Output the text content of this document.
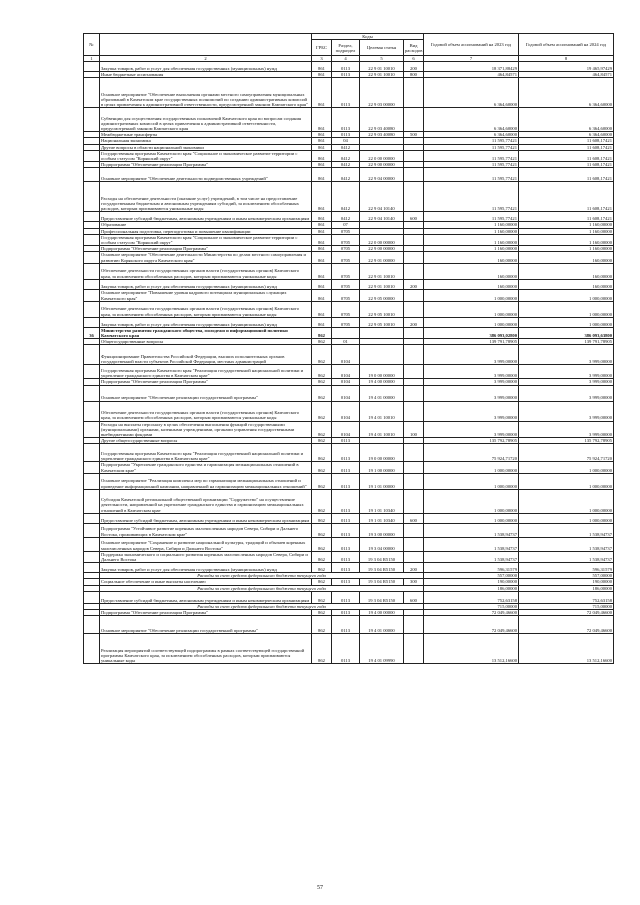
№		Коды				Годовой объем ассигнований на 2023 год	Годовой объем ассигнований на 2024 год
		ГРБС	Раздел, подраздел	Целевая статья	Вид расходов		
1	2	3	4	5	6	7	8
	Закупка товаров, работ и услуг для обеспечения государственных (муниципальных) нужд	861	0113	22 9 01 10010	200	18 371,88429	19 465,97429
	Иные бюджетные ассигнования	861	0113	22 9 01 10010	800	464,84571	464,84571
	Основное мероприятие "Обеспечение выполнения органами местного самоуправления муниципальных образований в Камчатском крае государственных полномочий по созданию административных комиссий в целях привлечения к административной ответственности, предусмотренной законом Камчатского края"	861	0113	22 9 03 00000		6 364,60000	6 364,60000
	Субвенции для осуществления государственных полномочий Камчатского края по вопросам создания административных комиссий в целях привлечения к административной ответственности, предусмотренной законом Камчатского края	861	0113	22 9 03 40080		6 364,60000	6 364,60000
	Межбюджетные трансферты	861	0113	22 9 03 40080	500	6 364,60000	6 364,60000
	Национальная экономика	861	04			11 595,77421	11 608,17421
	Другие вопросы в области национальной экономики	861	0412			11 595,77421	11 608,17421
	Государственная программа Камчатского края "Социальное и экономическое развитие территории с особым статусом "Корякский округ"	861	0412	22 0 00 00000		11 595,77421	11 608,17421
	Подпрограмма "Обеспечение реализации Программы"	861	0412	22 9 00 00000		11 595,77421	11 608,17421
	Основное мероприятие "Обеспечение деятельности подведомственных учреждений"	861	0412	22 9 04 00000		11 595,77421	11 608,17421
	Расходы на обеспечение деятельности (оказание услуг) учреждений, в том числе на предоставление государственным бюджетным и автономным учреждениям субсидий, за исключением обособленных расходов, которым присваиваются уникальные коды	861	0412	22 9 04 10140		11 595,77421	11 608,17421
	Предоставление субсидий бюджетным, автономным учреждениям и иным некоммерческим организациям	861	0412	22 9 04 10140	600	11 595,77421	11 608,17421
	Образование	861	07			1 160,00000	1 160,00000
	Профессиональная подготовка, переподготовка и повышение квалификации	861	0705			1 160,00000	1 160,00000
	Государственная программа Камчатского края "Социальное и экономическое развитие территории с особым статусом "Корякский округ"	861	0705	22 0 00 00000		1 160,00000	1 160,00000
	Подпрограмма "Обеспечение реализации Программы"	861	0705	22 9 00 00000		1 160,00000	1 160,00000
	Основное мероприятие "Обеспечение деятельности Министерства по делам местного самоуправления и развитию Корякского округа Камчатского края"	861	0705	22 9 01 00000		160,00000	160,00000
	Обеспечение деятельности государственных органов власти (государственных органов) Камчатского края, за исключением обособленных расходов, которым присваиваются уникальные коды	861	0705	22 9 01 10010		160,00000	160,00000
	Закупка товаров, работ и услуг для обеспечения государственных (муниципальных) нужд	861	0705	22 9 01 10010	200	160,00000	160,00000
	Основное мероприятие "Повышение уровня кадрового потенциала муниципальных служащих Камчатского края"	861	0705	22 9 05 00000		1 000,00000	1 000,00000
	Обеспечение деятельности государственных органов власти (государственных органов) Камчатского края, за исключением обособленных расходов, которым присваиваются уникальные коды	861	0705	22 9 05 10010		1 000,00000	1 000,00000
	Закупка товаров, работ и услуг для обеспечения государственных (муниципальных) нужд	861	0705	22 9 05 10010	200	1 000,00000	1 000,00000
36	Министерство развития гражданского общества, молодежи и информационной политики Камчатского края	862				386 093,02800	386 093,63800
	Общегосударственные вопросы	862	01			139 791,78905	139 791,78905
	Функционирование Правительства Российской Федерации, высших исполнительных органов государственной власти субъектов Российской Федерации, местных администраций	862	0104			3 999,00000	3 999,00000
	Государственная программа Камчатского края "Реализация государственной национальной политики и укрепление гражданского единства в Камчатском крае"	862	0104	19 0 00 00000		3 999,00000	3 999,00000
	Подпрограмма "Обеспечение реализации Программы"	862	0104	19 4 00 00000		3 999,00000	3 999,00000
	Основное мероприятие "Обеспечение реализации государственной программы"	862	0104	19 4 01 00000		3 999,00000	3 999,00000
	Обеспечение деятельности государственных органов власти (государственных органов) Камчатского края, за исключением обособленных расходов, которым присваиваются уникальные коды	862	0104	19 4 01 10010		3 999,00000	3 999,00000
	Расходы на выплаты персоналу в целях обеспечения выполнения функций государственными (муниципальными) органами, казенными учреждениями, органами управления государственными внебюджетными фондами	862	0104	19 4 01 10010	100	3 999,00000	3 999,00000
	Другие общегосударственные вопросы	862	0113			135 792,78905	135 792,78905
	Государственная программа Камчатского края "Реализация государственной национальной политики и укрепление гражданского единства в Камчатском крае"	862	0113	19 0 00 00000		75 924,71720	75 924,71720
	Подпрограмма "Укрепление гражданского единства и гармонизация межнациональных отношений в Камчатском крае"	862	0113	19 1 00 00000		1 000,00000	1 000,00000
	Основное мероприятие "Реализация комплекса мер по гармонизации межнациональных отношений и проведение информационной кампании, направленной на гармонизацию межнациональных отношений"	862	0113	19 1 01 00000		1 000,00000	1 000,00000
	Субсидия Камчатской региональной общественной организации "Содружество" на осуществление деятельности, направленной на укрепление гражданского единства и гармонизацию межнациональных отношений в Камчатском крае	862	0113	19 1 01 10340		1 000,00000	1 000,00000
	Предоставление субсидий бюджетным, автономным учреждениям и иным некоммерческим организациям	862	0113	19 1 01 10340	600	1 000,00000	1 000,00000
	Подпрограмма "Устойчивое развитие коренных малочисленных народов Севера, Сибири и Дальнего Востока, проживающих в Камчатском крае"	862	0113	19 3 00 00000		1 538,94737	1 538,94737
	Основное мероприятие "Сохранение и развитие национальной культуры, традиций и обычаев коренных малочисленных народов Севера, Сибири и Дальнего Востока"	862	0113	19 3 04 00000		1 538,94737	1 538,94737
	Поддержка экономического и социального развития коренных малочисленных народов Севера, Сибири и Дальнего Востока	862	0113	19 3 04 R5150		1 538,94737	1 538,94737
	Закупка товаров, работ и услуг для обеспечения государственных (муниципальных) нужд	862	0113	19 3 04 R5150	200	596,31579	596,31579
	Расходы за счет средств федерального бюджета текущего года					557,00000	557,00000
	Социальное обеспечение и иные выплаты населению	862	0113	19 3 04 R5150	300	190,00000	190,00000
	Расходы за счет средств федерального бюджета текущего года					186,00000	186,00000
	Предоставление субсидий бюджетным, автономным учреждениям и иным некоммерческим организациям	862	0113	19 3 04 R5150	600	752,63158	752,63158
	Расходы за счет средств федерального бюджета текущего года					715,00000	715,00000
	Подпрограмма "Обеспечение реализации Программы"	862	0113	19 4 00 00000		72 049,46600	72 049,46600
	Основное мероприятие "Обеспечение реализации государственной программы"	862	0113	19 4 01 00000		72 049,46600	72 049,46600
	Реализация мероприятий соответствующей подпрограммы в рамках соответствующей государственной программы Камчатского края, за исключением обособленных расходов, которым присваиваются уникальные коды	862	0113	19 4 01 09990		13 512,16600	13 512,16600
57
